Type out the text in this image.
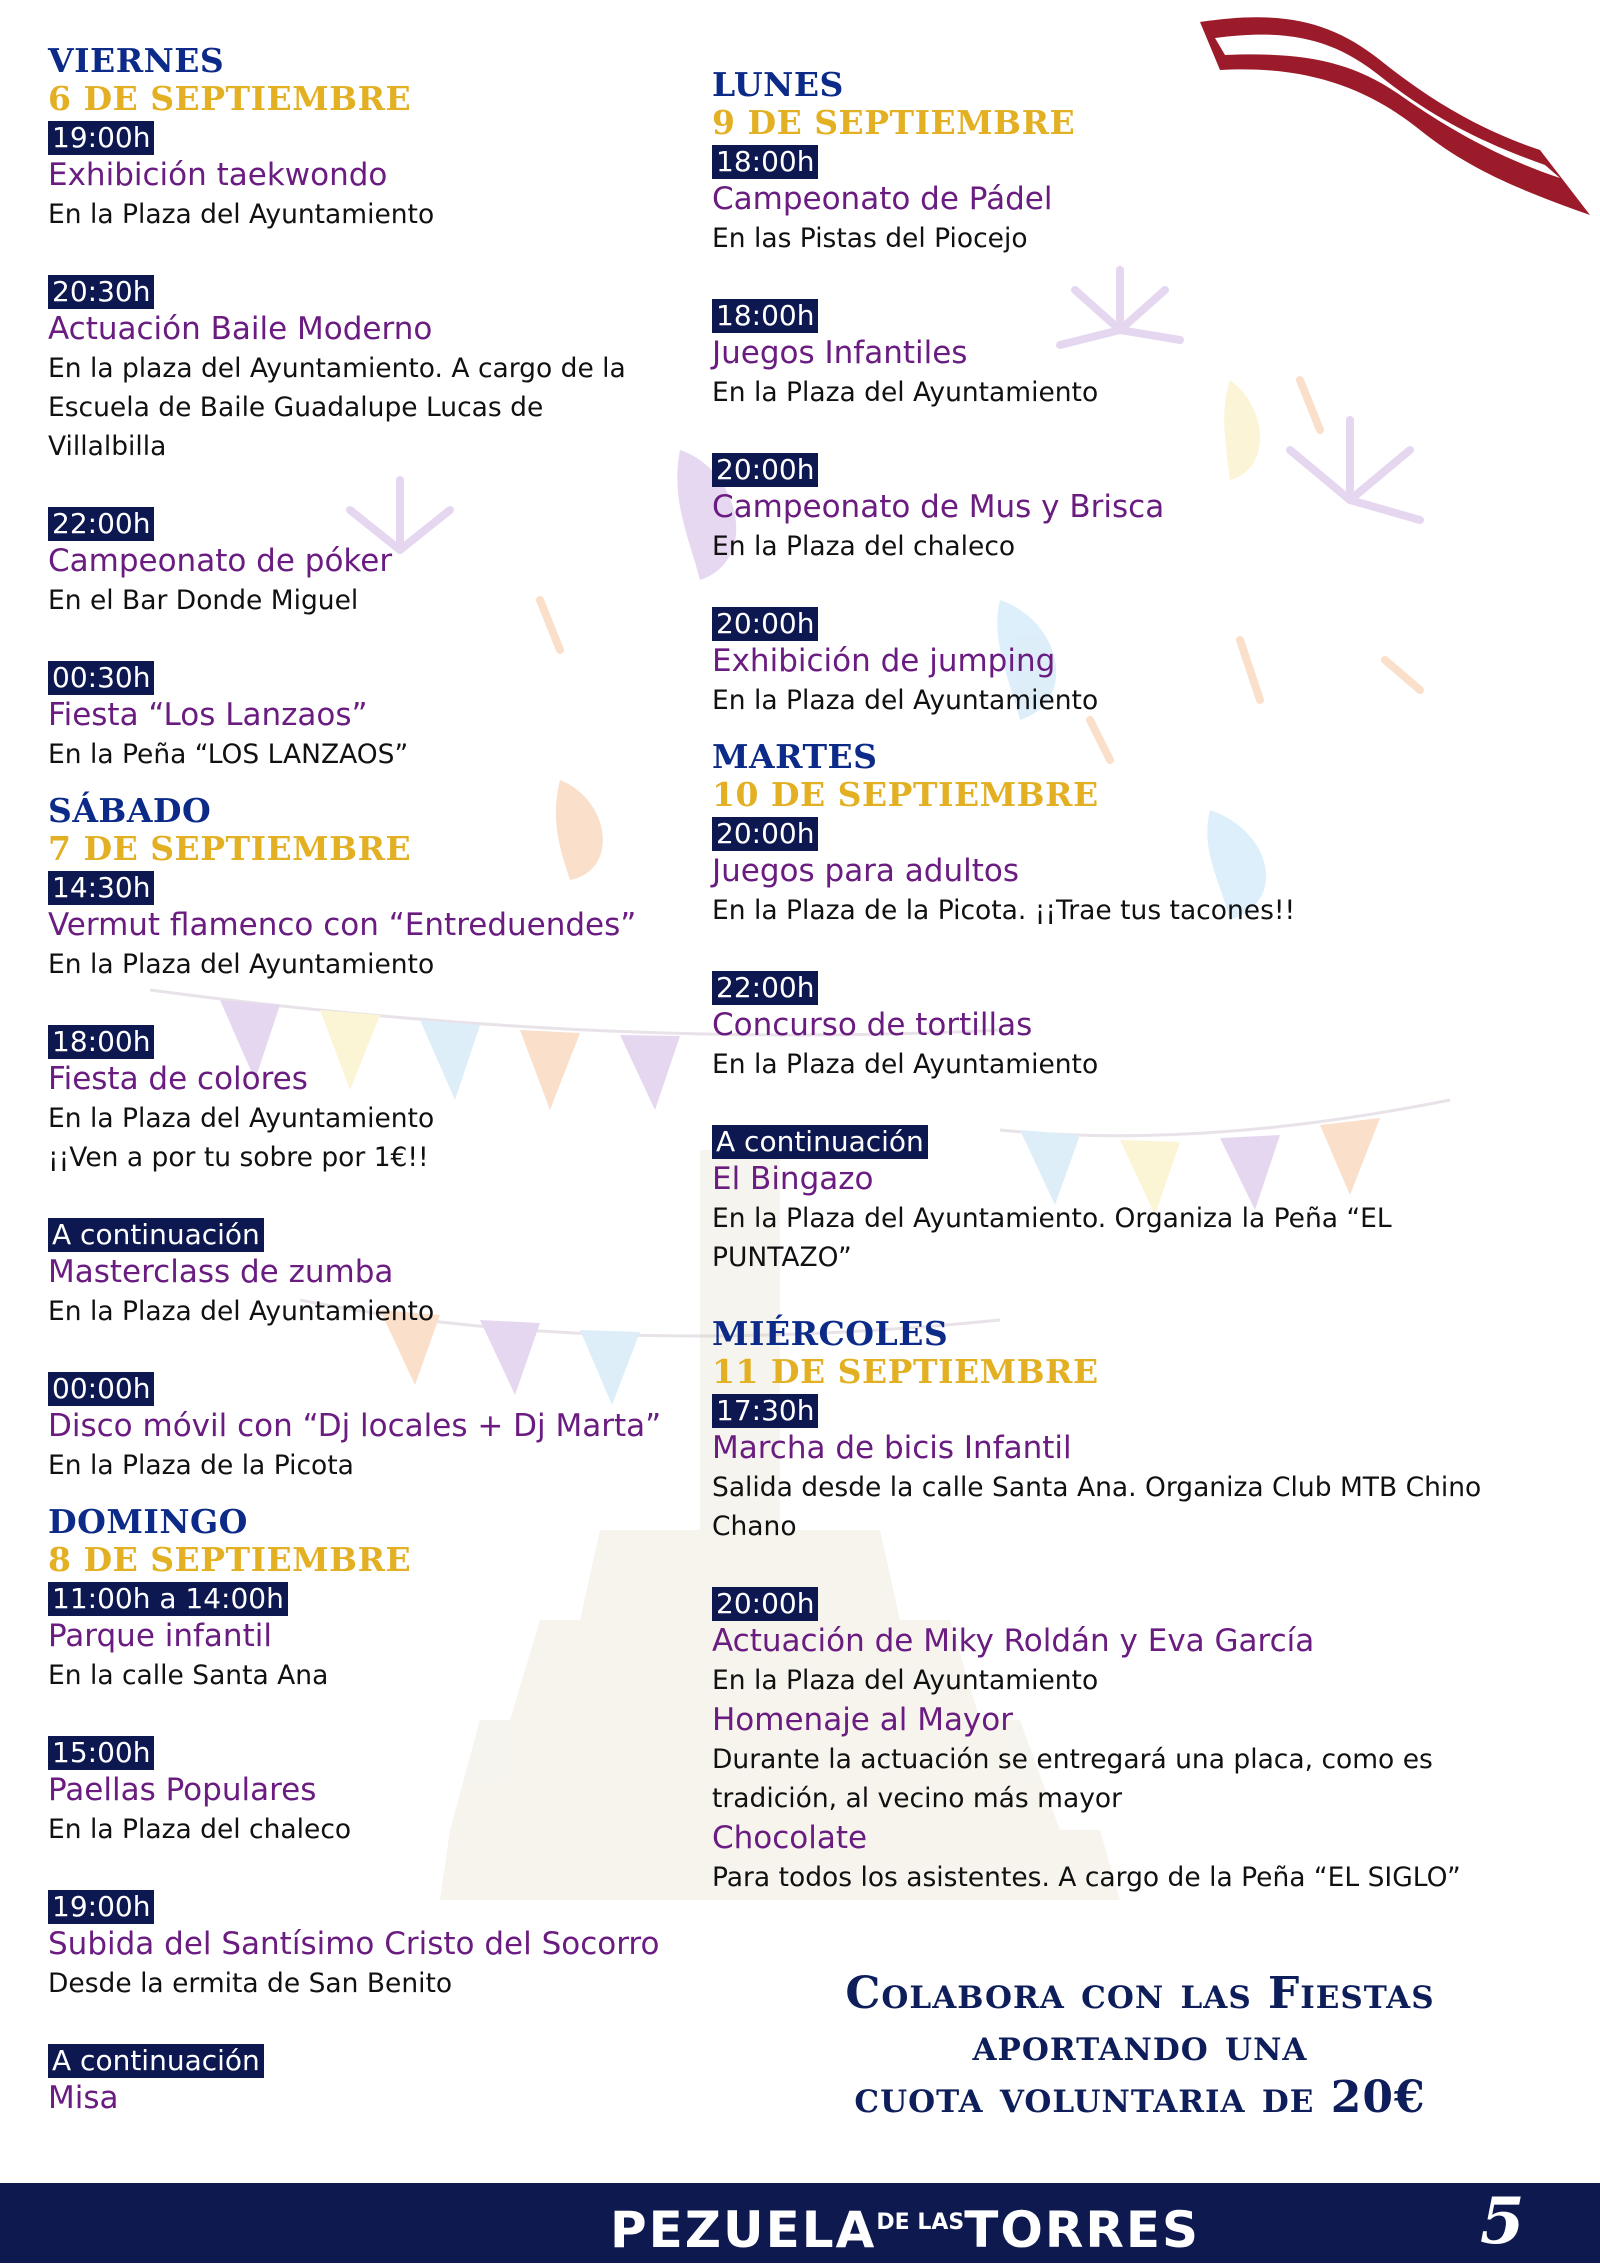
VIERNES
6 DE SEPTIEMBRE
19:00h
Exhibición taekwondo
En la Plaza del Ayuntamiento
20:30h
Actuación Baile Moderno
En la plaza del Ayuntamiento. A cargo de la Escuela de Baile Guadalupe Lucas de Villalbilla
22:00h
Campeonato de póker
En el Bar Donde Miguel
00:30h
Fiesta “Los Lanzaos”
En la Peña “LOS LANZAOS”
SÁBADO
7 DE SEPTIEMBRE
14:30h
Vermut flamenco con “Entreduendes”
En la Plaza del Ayuntamiento
18:00h
Fiesta de colores
En la Plaza del Ayuntamiento
¡¡Ven a por tu sobre por 1€!!
A continuación
Masterclass de zumba
En la Plaza del Ayuntamiento
00:00h
Disco móvil con “Dj locales + Dj Marta”
En la Plaza de la Picota
DOMINGO
8 DE SEPTIEMBRE
11:00h a 14:00h
Parque infantil
En la calle Santa Ana
15:00h
Paellas Populares
En la Plaza del chaleco
19:00h
Subida del Santísimo Cristo del Socorro
Desde la ermita de San Benito
A continuación
Misa
LUNES
9 DE SEPTIEMBRE
18:00h
Campeonato de Pádel
En las Pistas del Piocejo
18:00h
Juegos Infantiles
En la Plaza del Ayuntamiento
20:00h
Campeonato de Mus y Brisca
En la Plaza del chaleco
20:00h
Exhibición de jumping
En la Plaza del Ayuntamiento
MARTES
10 DE SEPTIEMBRE
20:00h
Juegos para adultos
En la Plaza de la Picota. ¡¡Trae tus tacones!!
22:00h
Concurso de tortillas
En la Plaza del Ayuntamiento
A continuación
El Bingazo
En la Plaza del Ayuntamiento. Organiza la Peña “EL PUNTAZO”
MIÉRCOLES
11 DE SEPTIEMBRE
17:30h
Marcha de bicis Infantil
Salida desde la calle Santa Ana. Organiza Club MTB Chino Chano
20:00h
Actuación de Miky Roldán y Eva García
En la Plaza del Ayuntamiento
Homenaje al Mayor
Durante la actuación se entregará una placa, como es tradición, al vecino más mayor
Chocolate
Para todos los asistentes. A cargo de la Peña “EL SIGLO”
Colabora con las Fiestas
aportando una
cuota voluntaria de 20€
$PEZUELA^{DE LAS}TORRES$	5
